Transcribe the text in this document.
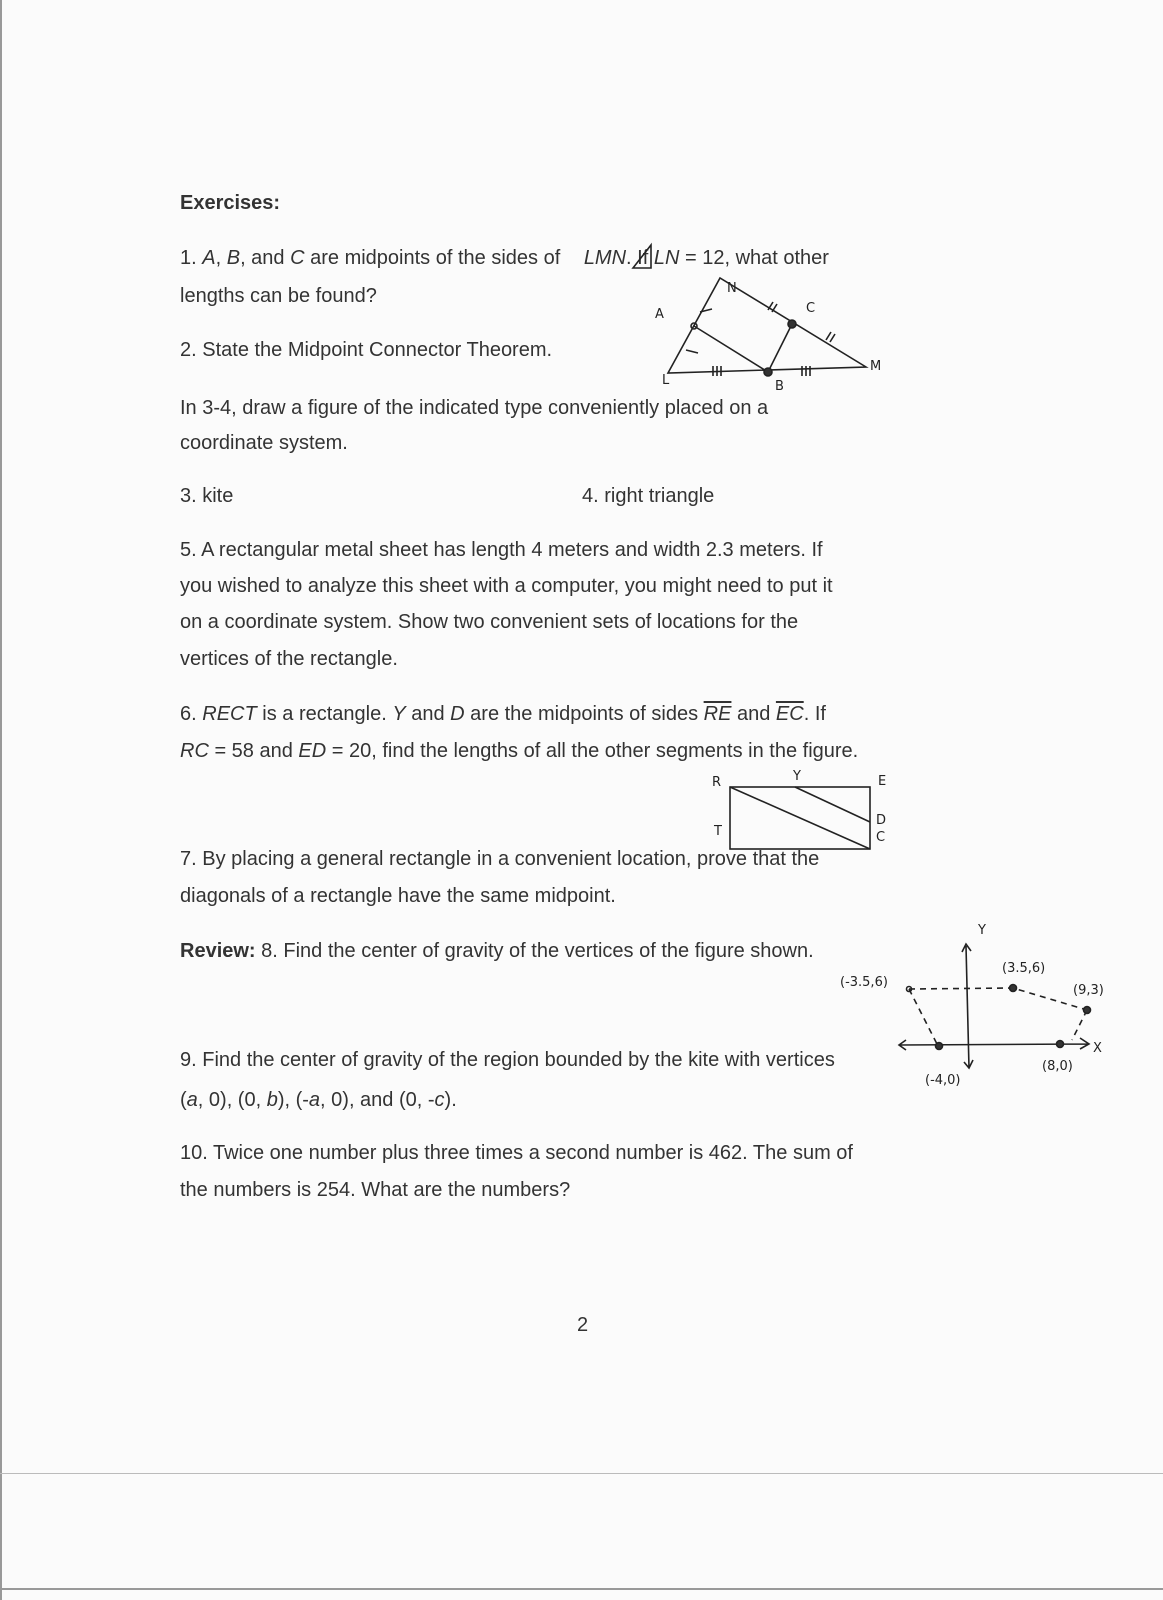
Exercises:
1. A, B, and C are midpoints of the sides of LMN. If LN = 12, what other
lengths can be found?
2. State the Midpoint Connector Theorem.
In 3-4, draw a figure of the indicated type conveniently placed on a
coordinate system.
3. kite	4. right triangle
5. A rectangular metal sheet has length 4 meters and width 2.3 meters. If
you wished to analyze this sheet with a computer, you might need to put it
on a coordinate system. Show two convenient sets of locations for the
vertices of the rectangle.
6. RECT is a rectangle. Y and D are the midpoints of sides $\overline{RE}$ and $\overline{EC}$. If
RC = 58 and ED = 20, find the lengths of all the other segments in the figure.
7. By placing a general rectangle in a convenient location, prove that the
diagonals of a rectangle have the same midpoint.
Review: 8. Find the center of gravity of the vertices of the figure shown.
9. Find the center of gravity of the region bounded by the kite with vertices
(a, 0), (0, b), (-a, 0), and (0, -c).
10. Twice one number plus three times a second number is 462. The sum of
the numbers is 254. What are the numbers?
2
L
M
N
A
B
C
R	E
C
T
Y
D
Y
X
(-3.5,6)
(3.5,6)
(9,3)
(8,0)
(-4,0)
